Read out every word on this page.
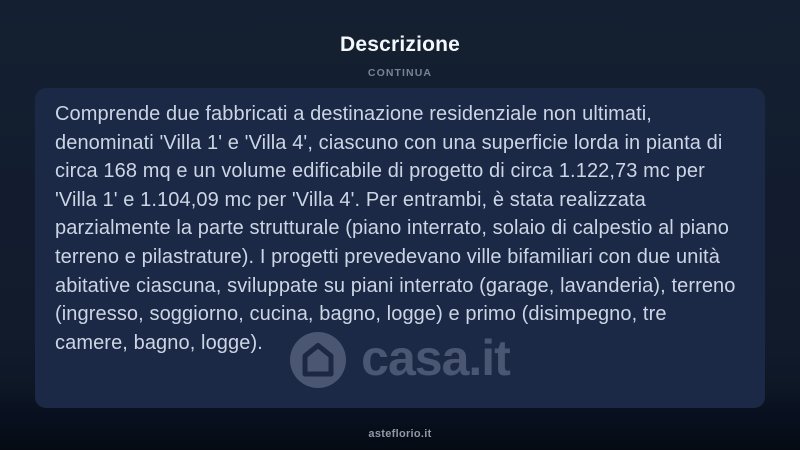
Descrizione
CONTINUA
Comprende due fabbricati a destinazione residenziale non ultimati, denominati 'Villa 1' e 'Villa 4', ciascuno con una superficie lorda in pianta di circa 168 mq e un volume edificabile di progetto di circa 1.122,73 mc per 'Villa 1' e 1.104,09 mc per 'Villa 4'. Per entrambi, è stata realizzata parzialmente la parte strutturale (piano interrato, solaio di calpestio al piano terreno e pilastrature). I progetti prevedevano ville bifamiliari con due unità abitative ciascuna, sviluppate su piani interrato (garage, lavanderia), terreno (ingresso, soggiorno, cucina, bagno, logge) e primo (disimpegno, tre camere, bagno, logge).	casa.it
asteflorio.it
